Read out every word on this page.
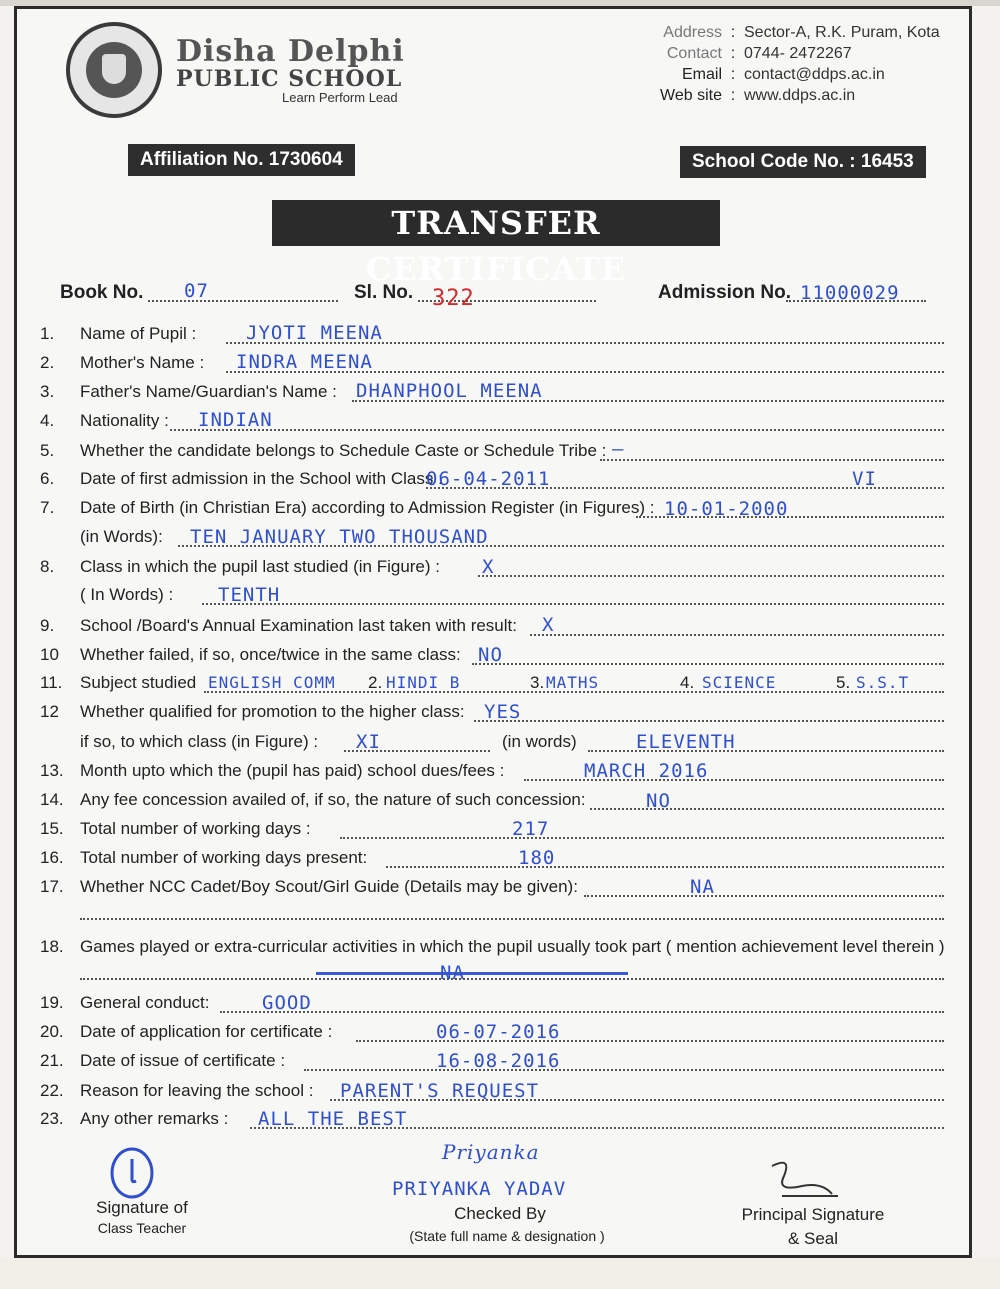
Disha Delphi
PUBLIC SCHOOL
Learn Perform Lead
Address : Sector-A, R.K. Puram, Kota
Contact : 0744- 2472267
Email : contact@ddps.ac.in
Web site : www.ddps.ac.in
Affiliation No. 1730604	School Code No. : 16453
TRANSFER CERTIFICATE
Book No. 07	Sl. No. 322	Admission No. 11000029
1. Name of Pupil :	JYOTI MEENA
2. Mother's Name : INDRA MEENA
3. Father's Name/Guardian's Name : DHANPHOOL MEENA
4. Nationality : INDIAN
5. Whether the candidate belongs to Schedule Caste or Schedule Tribe : —
6. Date of first admission in the School with Class :
06-04-2011	VI
7. Date of Birth (in Christian Era) according to Admission Register (in Figures) : 10-01-2000
(in Words): TEN JANUARY TWO THOUSAND
8. Class in which the pupil last studied (in Figure) : X
( In Words) : TENTH
9. School /Board's Annual Examination last taken with result: X
10 Whether failed, if so, once/twice in the same class: NO
11. Subject studied ENGLISH COMM 2. HINDI B	3. MATHS	4. SCIENCE	5. S.S.T
12 Whether qualified for promotion to the higher class: YES
if so, to which class (in Figure) : XI	(in words)	ELEVENTH
13. Month upto which the (pupil has paid) school dues/fees :	MARCH 2016
14. Any fee concession availed of, if so, the nature of such concession:	NO
15. Total number of working days :	217
16. Total number of working days present:	180
17. Whether NCC Cadet/Boy Scout/Girl Guide (Details may be given):	NA
18. Games played or extra-curricular activities in which the pupil usually took part ( mention achievement level therein )
NA
19. General conduct:	GOOD
20. Date of application for certificate :	06-07-2016
21. Date of issue of certificate :	16-08-2016
22. Reason for leaving the school : PARENT'S REQUEST
23. Any other remarks : ALL THE BEST
Signature of
Class Teacher
Priyanka
PRIYANKA YADAV
Checked By
(State full name & designation )
Principal Signature
& Seal
